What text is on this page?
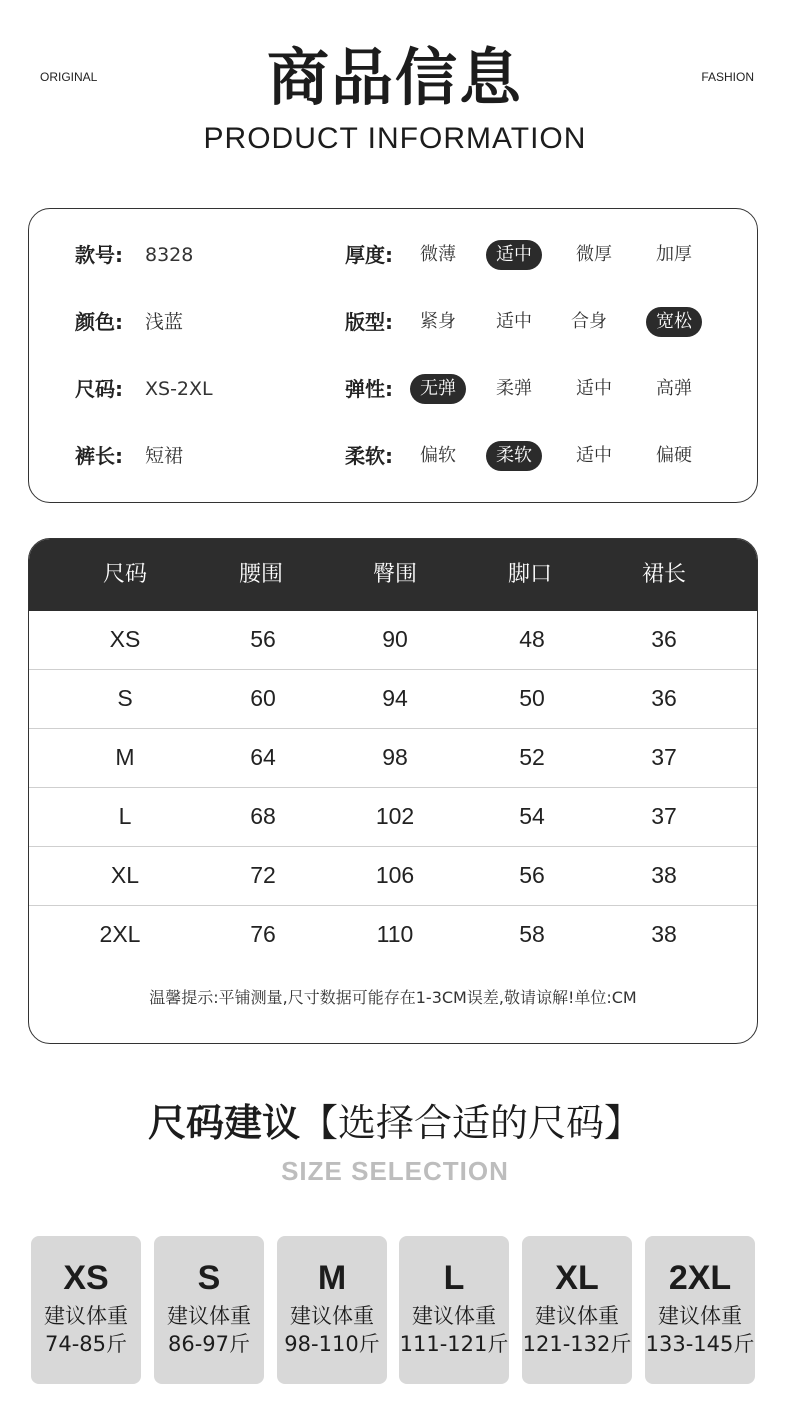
ORIGINAL	FASHION
商品信息
PRODUCT INFORMATION
款号: 8328	厚度:	微薄	适中	微厚	加厚
颜色: 浅蓝	版型:	紧身	适中	合身	宽松
尺码: XS-2XL	弹性:	无弹	柔弹	适中	高弹
裤长: 短裙	柔软:	偏软	柔软	适中	偏硬
尺码	腰围	臀围	脚口	裙长
XS	56	90	48	36
S	60	94	50	36
M	64	98	52	37
L	68	102	54	37
XL	72	106	56	38
2XL	76	110	58	38
温馨提示:平铺测量,尺寸数据可能存在1-3CM误差,敬请谅解!单位:CM
尺码建议【选择合适的尺码】
SIZE SELECTION
XS
建议体重
74-85斤
S
建议体重
86-97斤
M
建议体重
98-110斤
L
建议体重
111-121斤
XL
建议体重
121-132斤
2XL
建议体重
133-145斤
